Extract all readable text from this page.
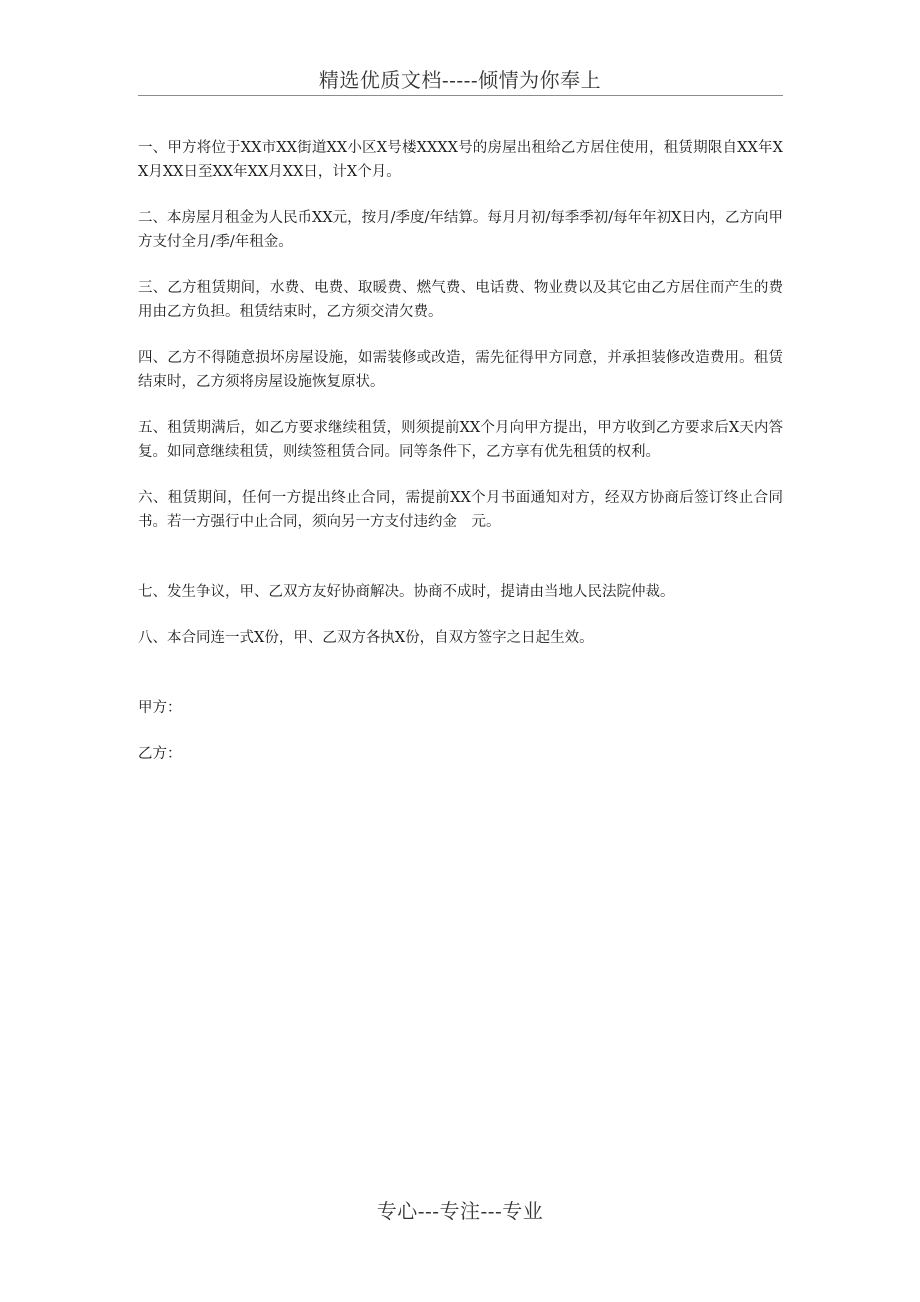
精选优质文档-----倾情为你奉上

一、甲方将位于XX市XX街道XX小区X号楼XXXX号的房屋出租给乙方居住使用，租赁期限自XX年XX月XX日至XX年XX月XX日，计X个月。

二、本房屋月租金为人民币XX元，按月/季度/年结算。每月月初/每季季初/每年年初X日内，乙方向甲方支付全月/季/年租金。

三、乙方租赁期间，水费、电费、取暖费、燃气费、电话费、物业费以及其它由乙方居住而产生的费用由乙方负担。租赁结束时，乙方须交清欠费。

四、乙方不得随意损坏房屋设施，如需装修或改造，需先征得甲方同意，并承担装修改造费用。租赁结束时，乙方须将房屋设施恢复原状。

五、租赁期满后，如乙方要求继续租赁，则须提前XX个月向甲方提出，甲方收到乙方要求后X天内答复。如同意继续租赁，则续签租赁合同。同等条件下，乙方享有优先租赁的权利。

六、租赁期间，任何一方提出终止合同，需提前XX个月书面通知对方，经双方协商后签订终止合同书。若一方强行中止合同，须向另一方支付违约金　元。

七、发生争议，甲、乙双方友好协商解决。协商不成时，提请由当地人民法院仲裁。

八、本合同连一式X份，甲、乙双方各执X份，自双方签字之日起生效。

甲方：

乙方：

专心---专注---专业
